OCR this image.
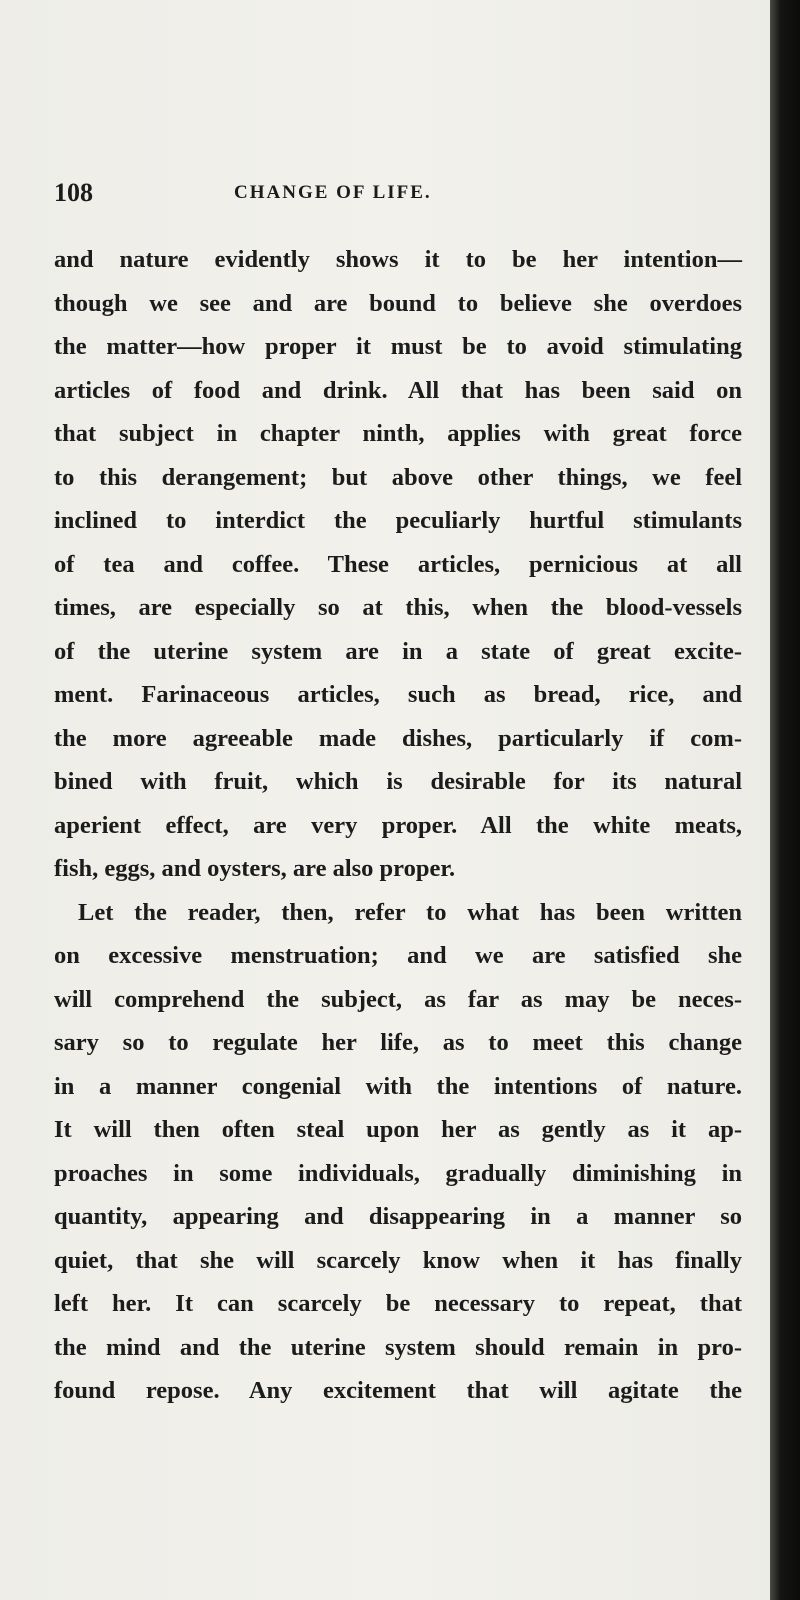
108	CHANGE OF LIFE.
and nature evidently shows it to be her intention—
though we see and are bound to believe she overdoes
the matter—how proper it must be to avoid stimulating
articles of food and drink. All that has been said on
that subject in chapter ninth, applies with great force
to this derangement; but above other things, we feel
inclined to interdict the peculiarly hurtful stimulants
of tea and coffee. These articles, pernicious at all
times, are especially so at this, when the blood-vessels
of the uterine system are in a state of great excite-
ment. Farinaceous articles, such as bread, rice, and
the more agreeable made dishes, particularly if com-
bined with fruit, which is desirable for its natural
aperient effect, are very proper. All the white meats,
fish, eggs, and oysters, are also proper.
Let the reader, then, refer to what has been written
on excessive menstruation; and we are satisfied she
will comprehend the subject, as far as may be neces-
sary so to regulate her life, as to meet this change
in a manner congenial with the intentions of nature.
It will then often steal upon her as gently as it ap-
proaches in some individuals, gradually diminishing in
quantity, appearing and disappearing in a manner so
quiet, that she will scarcely know when it has finally
left her. It can scarcely be necessary to repeat, that
the mind and the uterine system should remain in pro-
found repose. Any excitement that will agitate the
